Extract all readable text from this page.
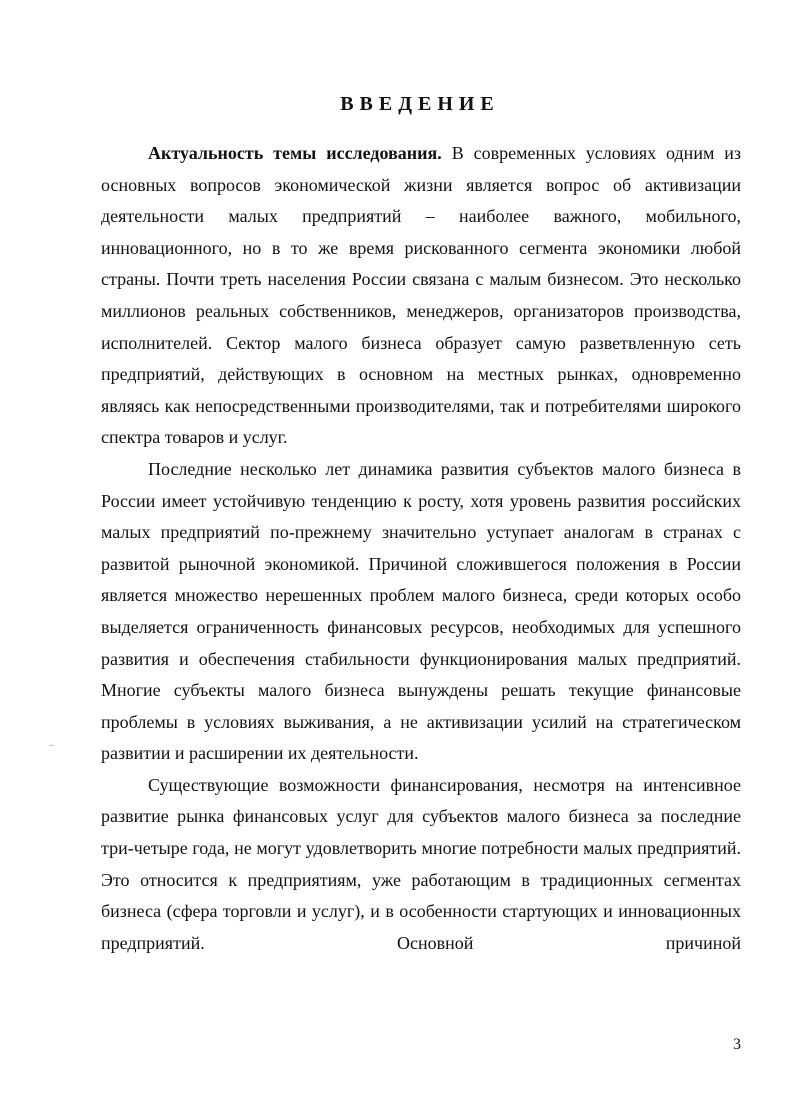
ВВЕДЕНИЕ

Актуальность темы исследования. В современных условиях одним из основных вопросов экономической жизни является вопрос об активизации деятельности малых предприятий – наиболее важного, мобильного, инновационного, но в то же время рискованного сегмента экономики любой страны. Почти треть населения России связана с малым бизнесом. Это несколько миллионов реальных собственников, менеджеров, организаторов производства, исполнителей. Сектор малого бизнеса образует самую разветвленную сеть предприятий, действующих в основном на местных рынках, одновременно являясь как непосредственными производителями, так и потребителями широкого спектра товаров и услуг.

Последние несколько лет динамика развития субъектов малого бизнеса в России имеет устойчивую тенденцию к росту, хотя уровень развития российских малых предприятий по-прежнему значительно уступает аналогам в странах с развитой рыночной экономикой. Причиной сложившегося положения в России является множество нерешенных проблем малого бизнеса, среди которых особо выделяется ограниченность финансовых ресурсов, необходимых для успешного развития и обеспечения стабильности функционирования малых предприятий. Многие субъекты малого бизнеса вынуждены решать текущие финансовые проблемы в условиях выживания, а не активизации усилий на стратегическом развитии и расширении их деятельности.

Существующие возможности финансирования, несмотря на интенсивное развитие рынка финансовых услуг для субъектов малого бизнеса за последние три-четыре года, не могут удовлетворить многие потребности малых предприятий. Это относится к предприятиям, уже работающим в традиционных сегментах бизнеса (сфера торговли и услуг), и в особенности стартующих и инновационных предприятий. Основной причиной

..
3
